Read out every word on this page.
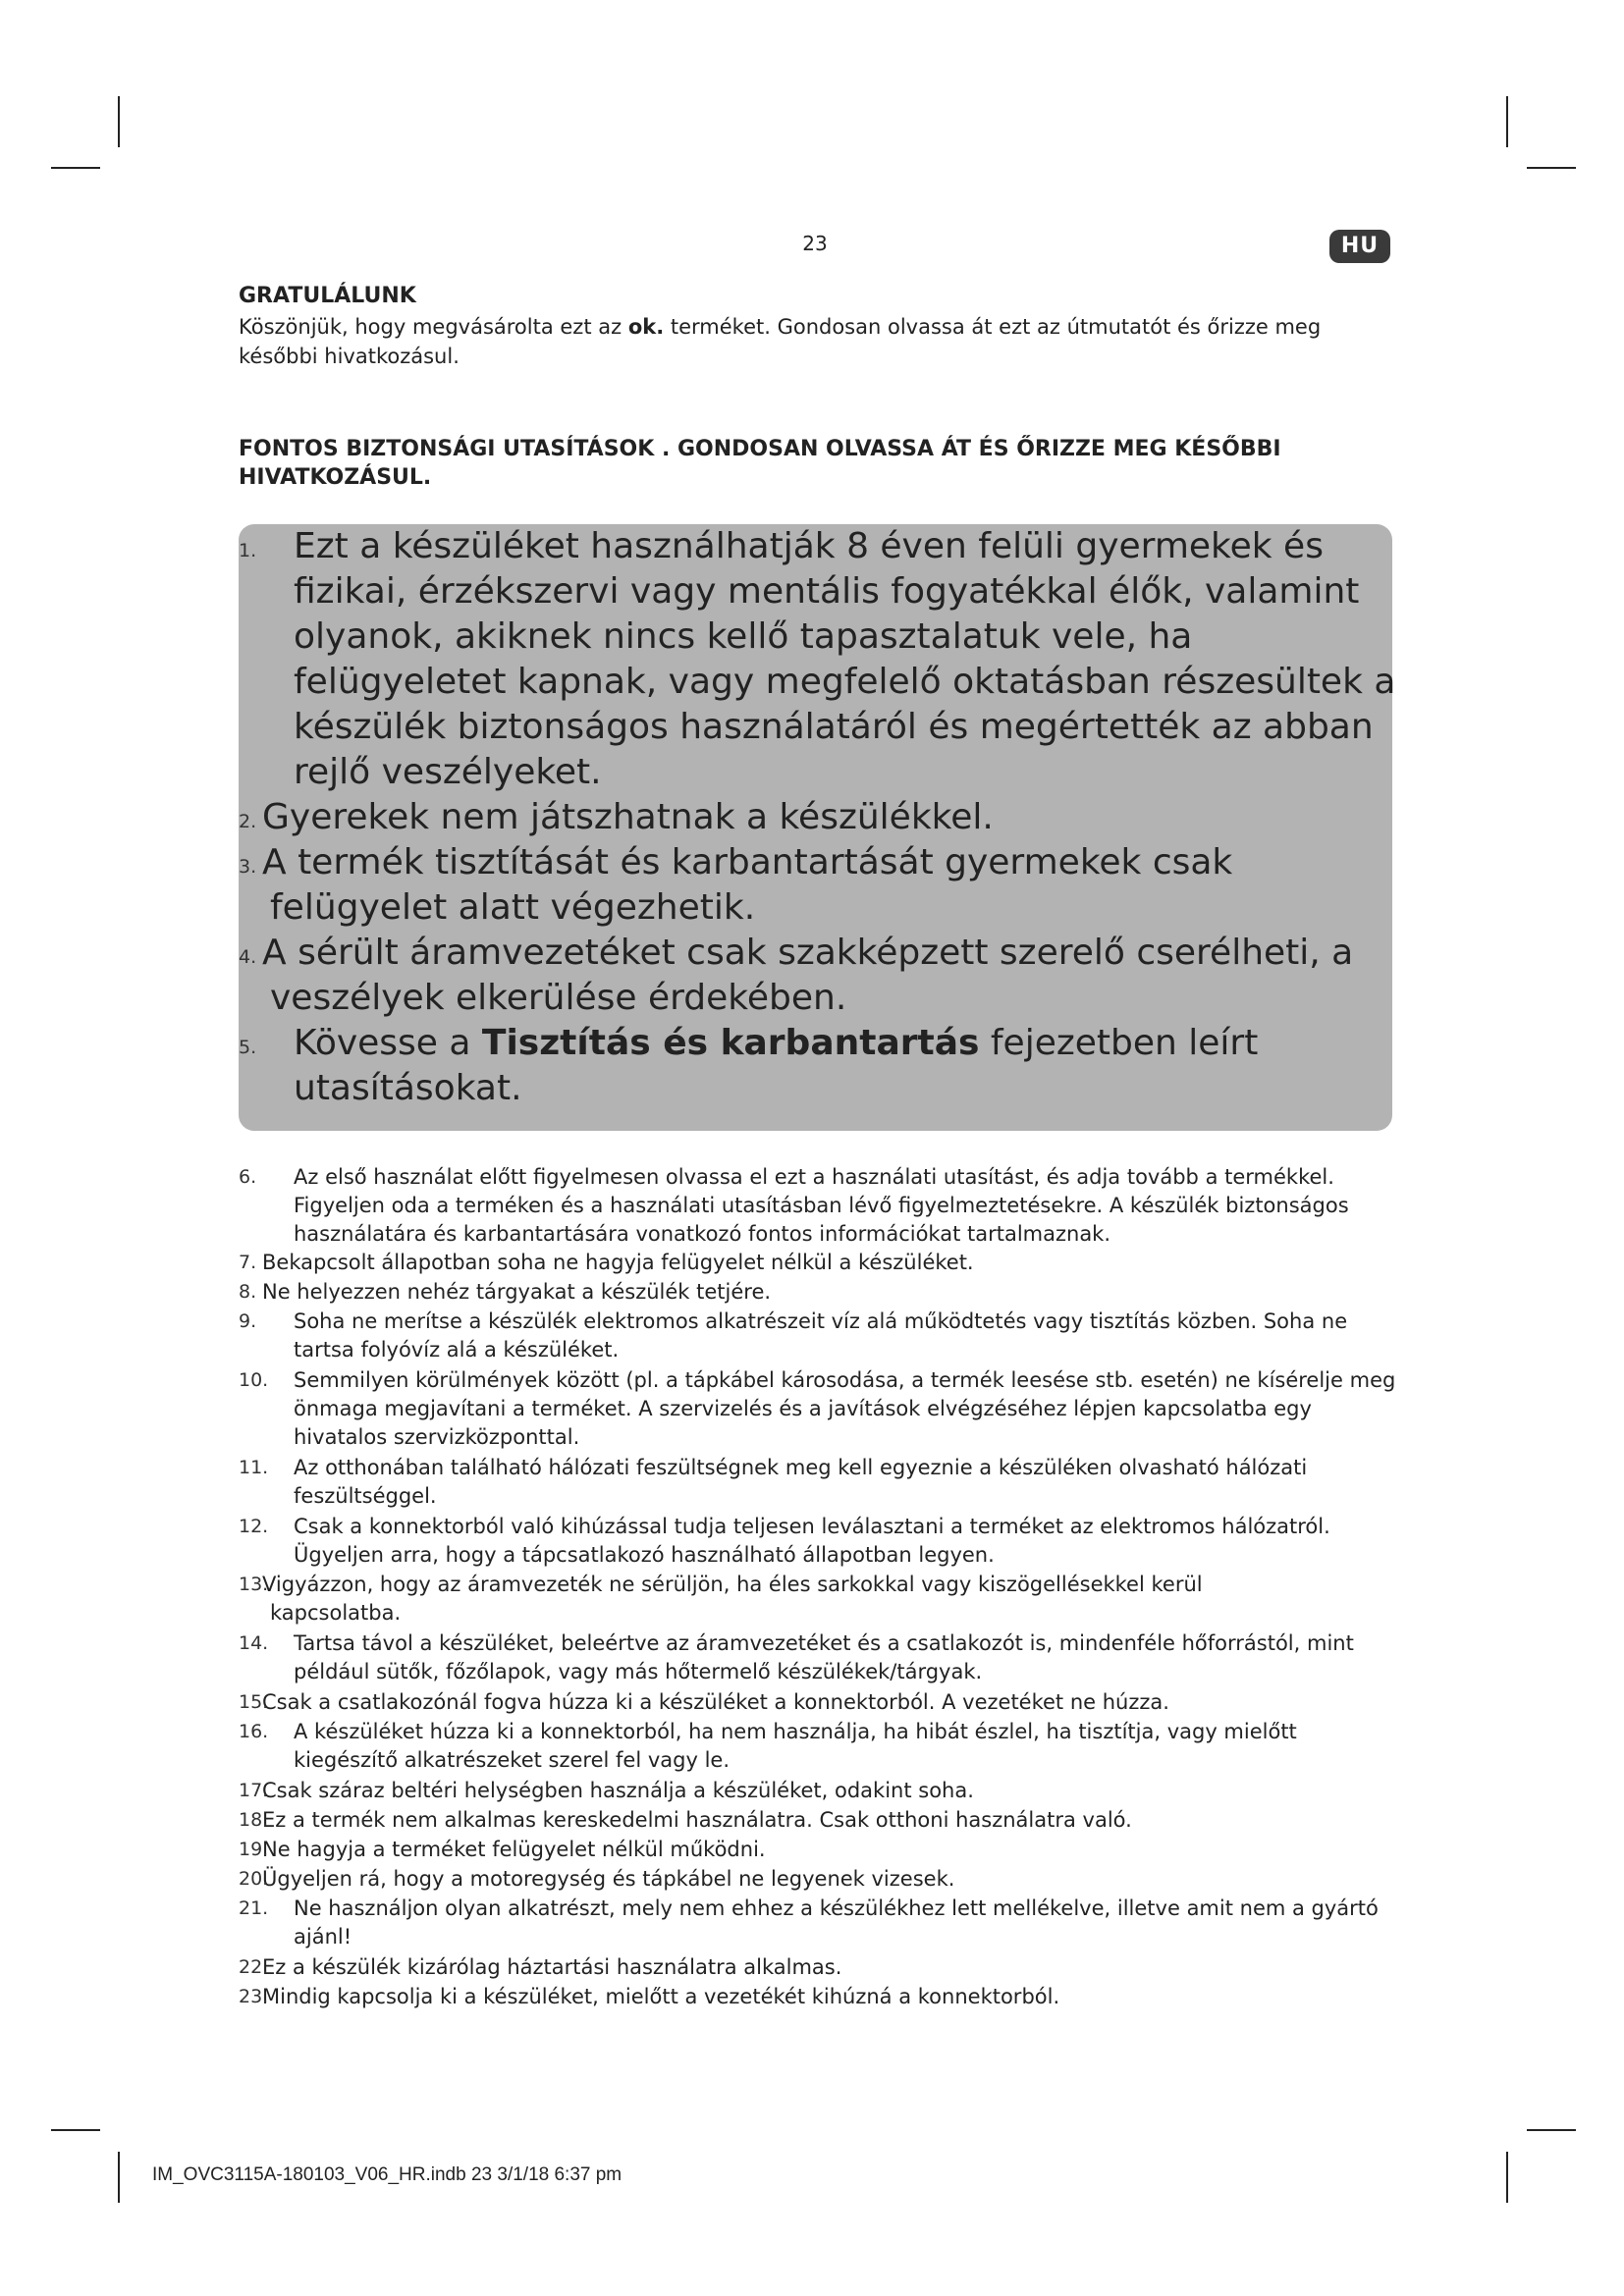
23	HU
GRATULÁLUNK

Köszönjük, hogy megvásárolta ezt az ok. terméket. Gondosan olvassa át ezt az útmutatót és őrizze meg későbbi hivatkozásul.

FONTOS BIZTONSÁGI UTASÍTÁSOK . GONDOSAN OLVASSA ÁT ÉS ŐRIZZE MEG KÉSŐBBI HIVATKOZÁSUL.
1.	Ezt a készüléket használhatják 8 éven felüli gyermekek és fizikai, érzékszervi vagy mentális fogyatékkal élők, valamint olyanok, akiknek nincs kellő tapasztalatuk vele, ha felügyeletet kapnak, vagy megfelelő oktatásban részesültek a készülék biztonságos használatáról és megértették az abban rejlő veszélyeket.
2. Gyerekek nem játszhatnak a készülékkel.
3. A termék tisztítását és karbantartását gyermekek csak
felügyelet alatt végezhetik.
4. A sérült áramvezetéket csak szakképzett szerelő cserélheti, a
veszélyek elkerülése érdekében.
5.	Kövesse a Tisztítás és karbantartás fejezetben leírt utasításokat.
6.	Az első használat előtt figyelmesen olvassa el ezt a használati utasítást, és adja tovább a termékkel. Figyeljen oda a terméken és a használati utasításban lévő figyelmeztetésekre. A készülék biztonságos használatára és karbantartására vonatkozó fontos információkat tartalmaznak.
7. Bekapcsolt állapotban soha ne hagyja felügyelet nélkül a készüléket.
8. Ne helyezzen nehéz tárgyakat a készülék tetjére.
9.	Soha ne merítse a készülék elektromos alkatrészeit víz alá működtetés vagy tisztítás közben. Soha ne tartsa folyóvíz alá a készüléket.
10.	Semmilyen körülmények között (pl. a tápkábel károsodása, a termék leesése stb. esetén) ne kísérelje meg önmaga megjavítani a terméket. A szervizelés és a javítások elvégzéséhez lépjen kapcsolatba egy hivatalos szervizközponttal.
11.	Az otthonában található hálózati feszültségnek meg kell egyeznie a készüléken olvasható hálózati feszültséggel.
12.	Csak a konnektorból való kihúzással tudja teljesen leválasztani a terméket az elektromos hálózatról. Ügyeljen arra, hogy a tápcsatlakozó használható állapotban legyen.
13.
Vigyázzon, hogy az áramvezeték ne sérüljön, ha éles sarkokkal vagy kiszögellésekkel kerül
kapcsolatba.
14.	Tartsa távol a készüléket, beleértve az áramvezetéket és a csatlakozót is, mindenféle hőforrástól, mint például sütők, főzőlapok, vagy más hőtermelő készülékek/tárgyak.
15.
Csak a csatlakozónál fogva húzza ki a készüléket a konnektorból. A vezetéket ne húzza.
16.	A készüléket húzza ki a konnektorból, ha nem használja, ha hibát észlel, ha tisztítja, vagy mielőtt kiegészítő alkatrészeket szerel fel vagy le.
17.
Csak száraz beltéri helységben használja a készüléket, odakint soha.
18.
Ez a termék nem alkalmas kereskedelmi használatra. Csak otthoni használatra való.
19.
Ne hagyja a terméket felügyelet nélkül működni.
20.
Ügyeljen rá, hogy a motoregység és tápkábel ne legyenek vizesek.
21.	Ne használjon olyan alkatrészt, mely nem ehhez a készülékhez lett mellékelve, illetve amit nem a gyártó ajánl!
22.
Ez a készülék kizárólag háztartási használatra alkalmas.
23.
Mindig kapcsolja ki a készüléket, mielőtt a vezetékét kihúzná a konnektorból.
IM_OVC3115A-180103_V06_HR.indb 23 3/1/18 6:37 pm
